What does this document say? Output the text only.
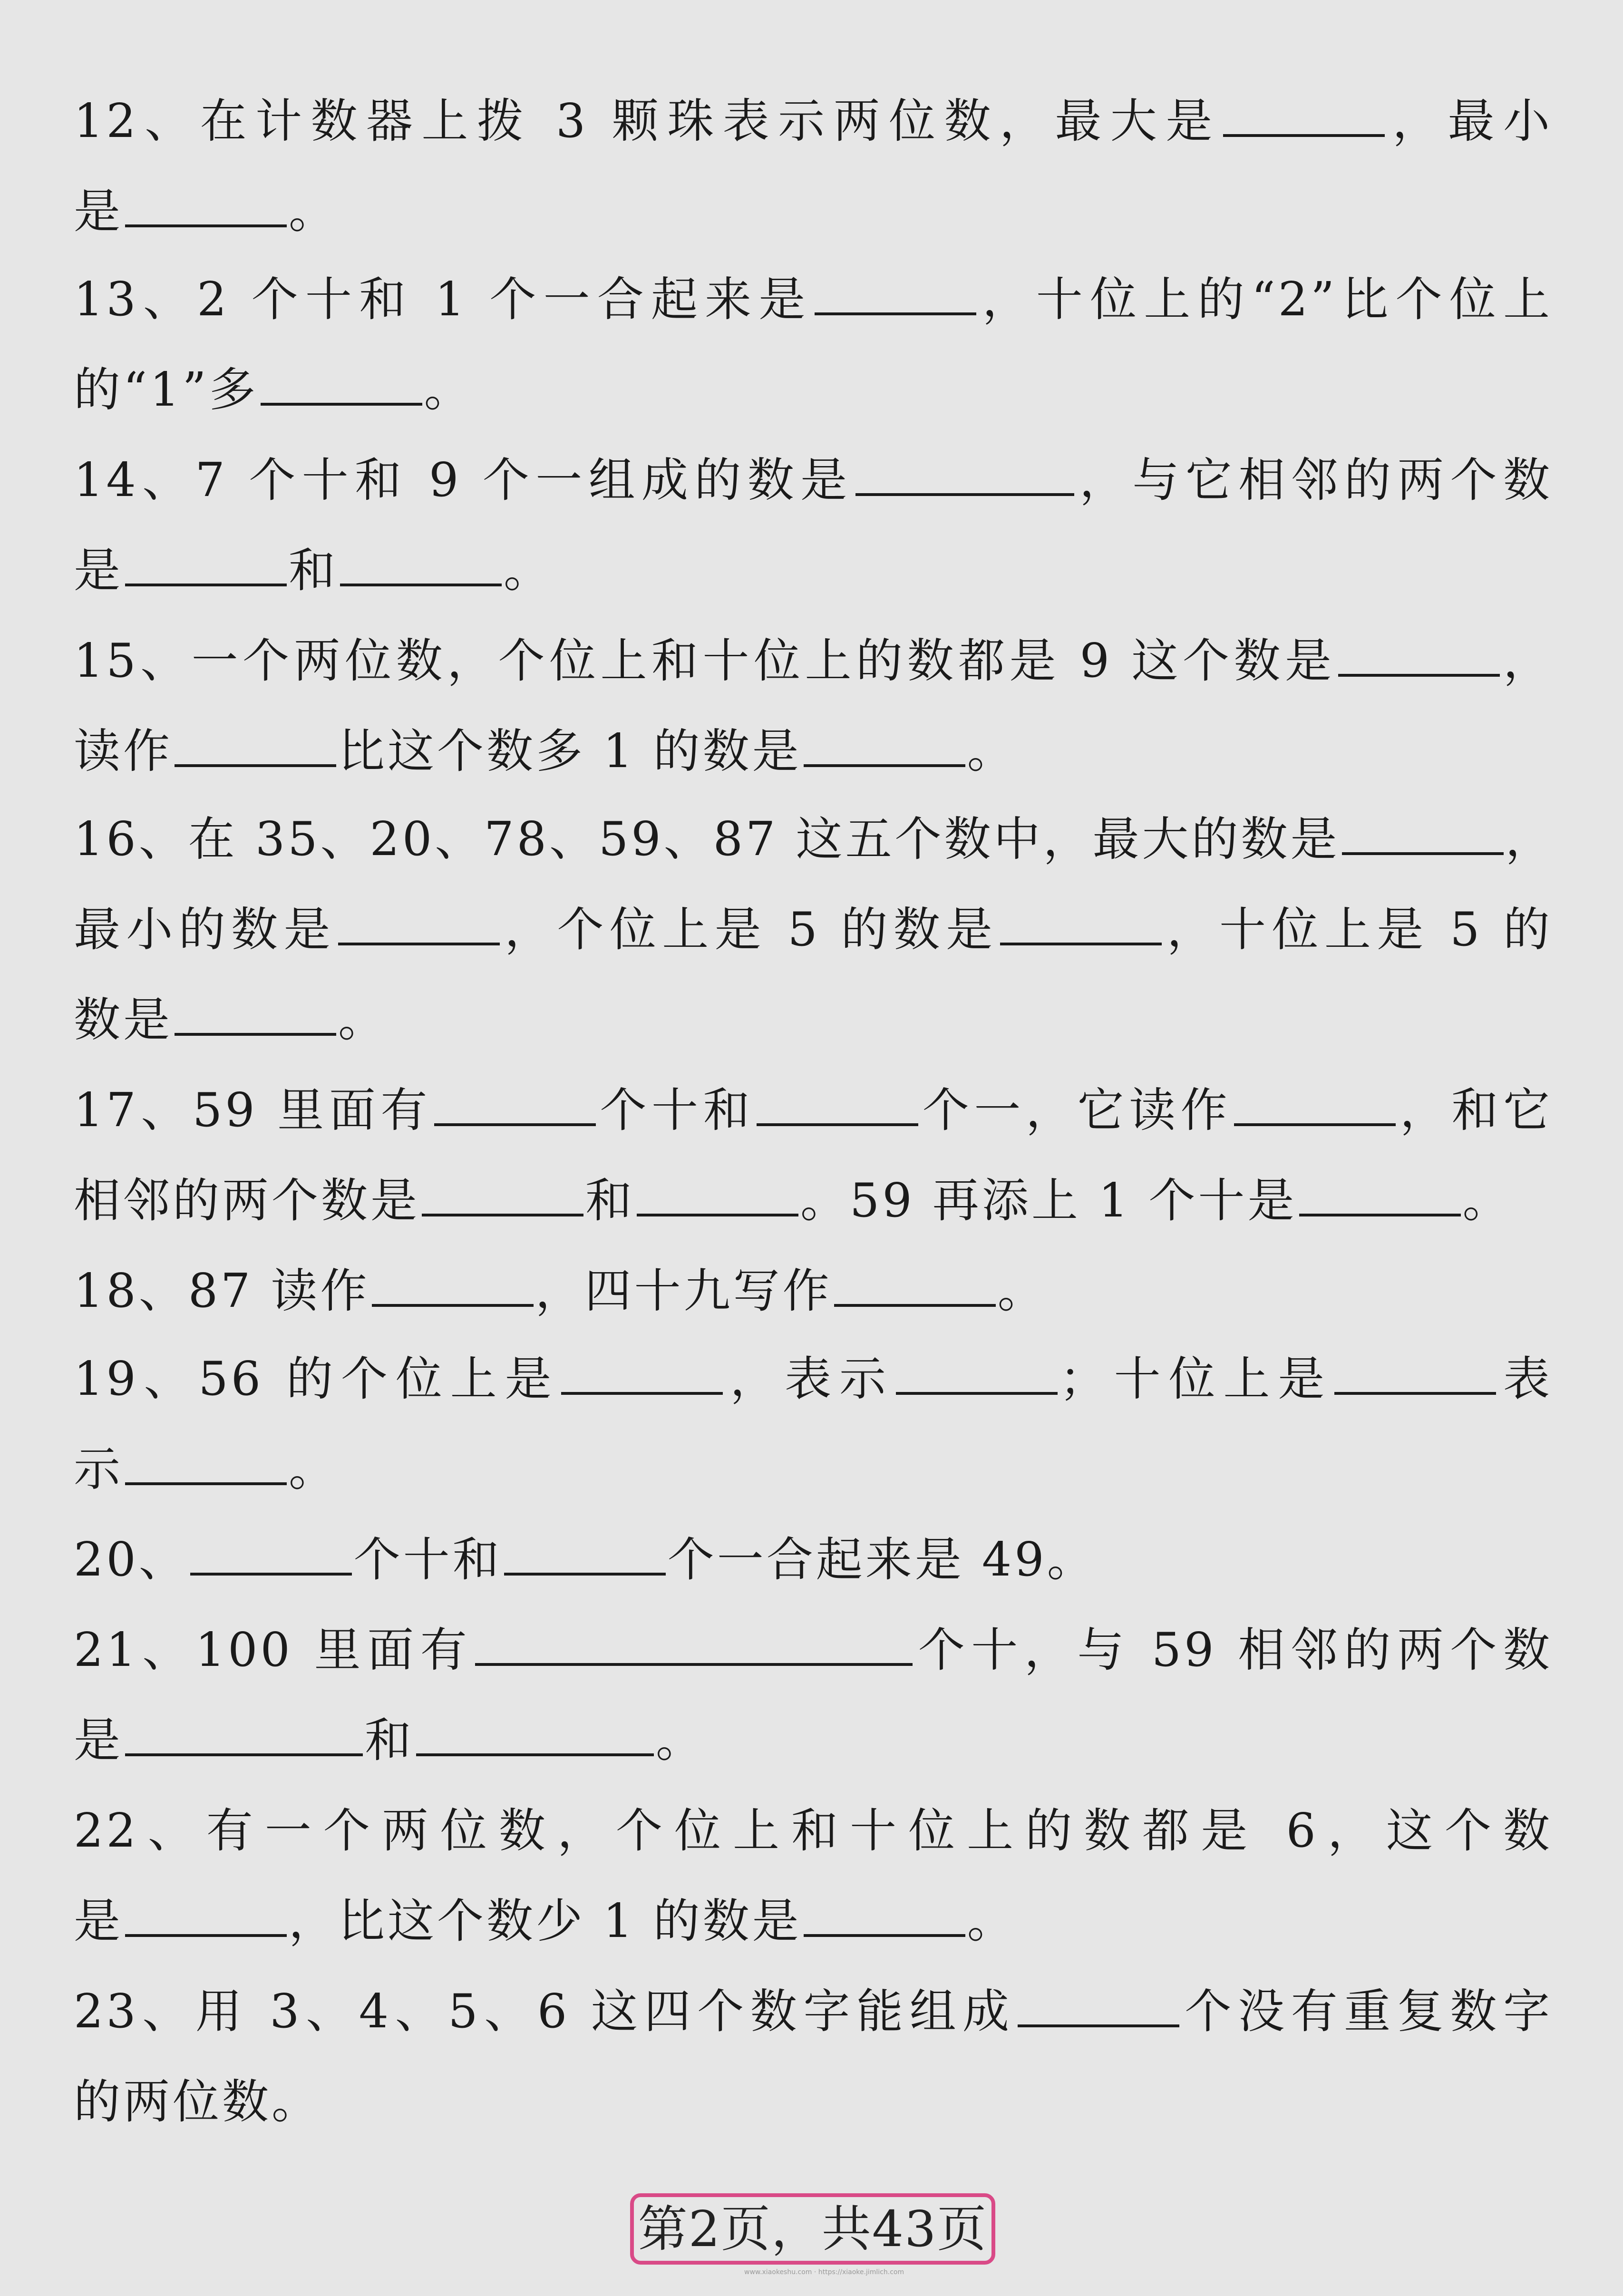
12、在计数器上拨 3 颗珠表示两位数，最大是	，最小
是	。
13、2 个十和 1 个一合起来是	，十位上的“2”比个位上
的“1”多	。
14、7 个十和 9 个一组成的数是	，与它相邻的两个数
是	和	。
15、一个两位数，个位上和十位上的数都是 9 这个数是	，
读作	比这个数多 1 的数是	。
16、在 35、20、78、59、87 这五个数中，最大的数是	，
最小的数是	，个位上是 5 的数是	，十位上是 5 的
数是	。
17、59 里面有	个十和	个一，它读作	，和它
相邻的两个数是	和	。59 再添上 1 个十是	。
18、87 读作	，四十九写作	。
19、56 的个位上是	，表示	；十位上是	表
示	。
20、	个十和	个一合起来是 49。
21、100 里面有	个十，与 59 相邻的两个数
是	和	。
22、有一个两位数，个位上和十位上的数都是 6，这个数
是	，比这个数少 1 的数是	。
23、用 3、4、5、6 这四个数字能组成	个没有重复数字
的两位数。
第2页，共43页
www.xiaokeshu.com · https://xiaoke.jimlich.com
